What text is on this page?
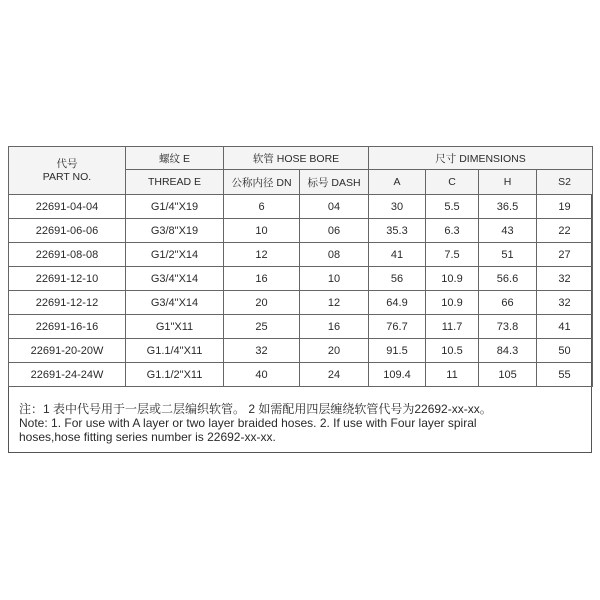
代号
PART NO.	螺纹 E	软管 HOSE BORE		尺寸 DIMENSIONS			
	THREAD E	公称内径 DN	标号 DASH	A	C	H	S2
22691-04-04	G1/4"X19	6	04	30	5.5	36.5	19
22691-06-06	G3/8"X19	10	06	35.3	6.3	43	22
22691-08-08	G1/2"X14	12	08	41	7.5	51	27
22691-12-10	G3/4"X14	16	10	56	10.9	56.6	32
22691-12-12	G3/4"X14	20	12	64.9	10.9	66	32
22691-16-16	G1"X11	25	16	76.7	11.7	73.8	41
22691-20-20W	G1.1/4"X11	32	20	91.5	10.5	84.3	50
22691-24-24W	G1.1/2"X11	40	24	109.4	11	105	55
注：1 表中代号用于一层或二层编织软管。 2 如需配用四层缠绕软管代号为22692-xx-xx。
Note: 1. For use with A layer or two layer braided hoses. 2. If use with Four layer spiral
hoses,hose fitting series number is 22692-xx-xx.
